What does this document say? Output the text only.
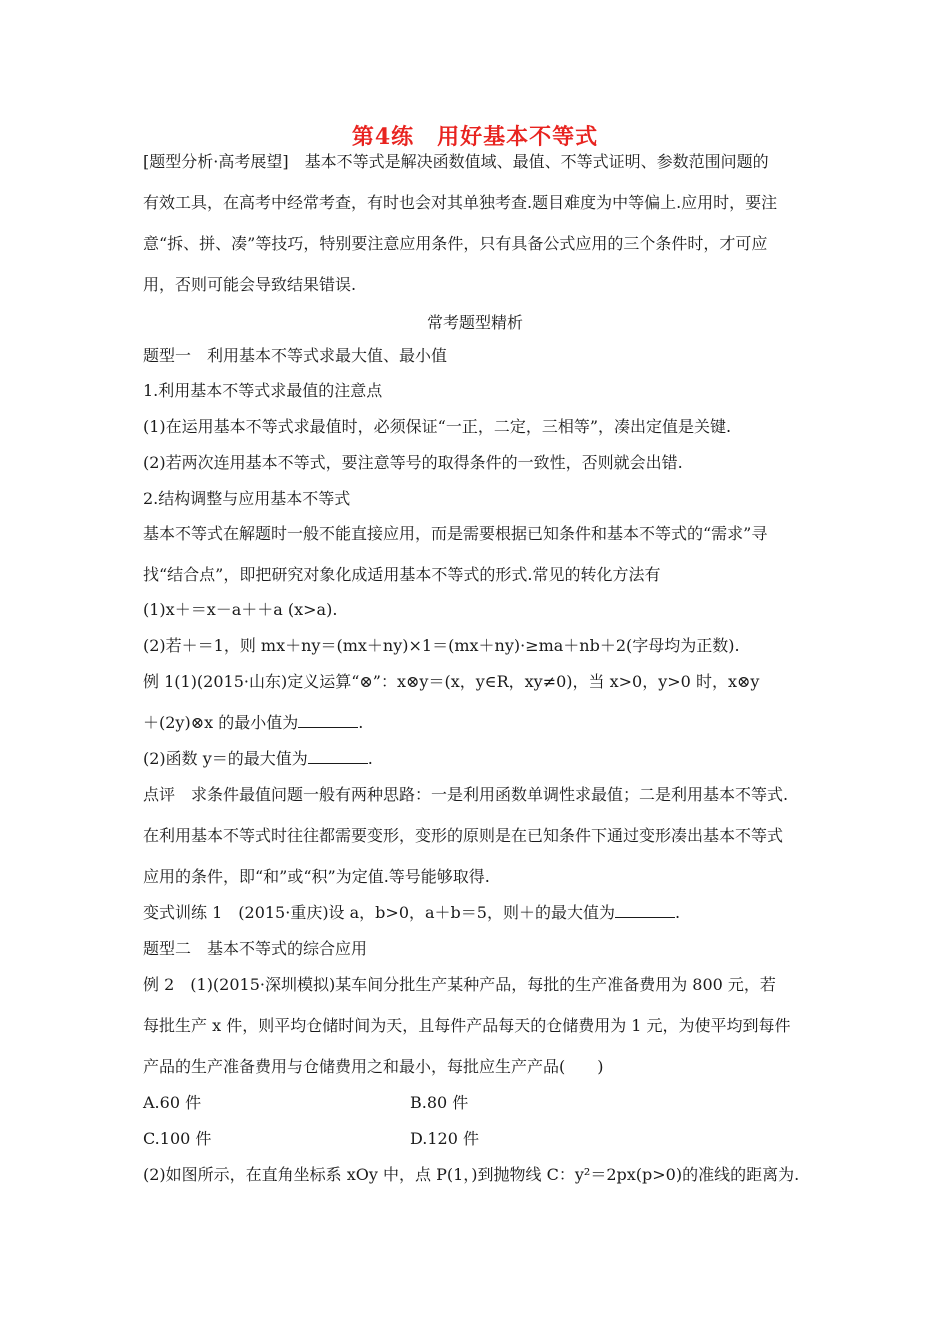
第4练　用好基本不等式
[题型分析·高考展望]　基本不等式是解决函数值域、最值、不等式证明、参数范围问题的
有效工具，在高考中经常考查，有时也会对其单独考查.题目难度为中等偏上.应用时，要注
意“拆、拼、凑”等技巧，特别要注意应用条件，只有具备公式应用的三个条件时，才可应
用，否则可能会导致结果错误.
常考题型精析
题型一　利用基本不等式求最大值、最小值
1.利用基本不等式求最值的注意点
(1)在运用基本不等式求最值时，必须保证“一正，二定，三相等”，凑出定值是关键.
(2)若两次连用基本不等式，要注意等号的取得条件的一致性，否则就会出错.
2.结构调整与应用基本不等式
基本不等式在解题时一般不能直接应用，而是需要根据已知条件和基本不等式的“需求”寻
找“结合点”，即把研究对象化成适用基本不等式的形式.常见的转化方法有
(1)x＋＝x－a＋＋a (x>a).
(2)若＋＝1，则 mx＋ny＝(mx＋ny)×1＝(mx＋ny)·≥ma＋nb＋2(字母均为正数).
例 1(1)(2015·山东)定义运算“⊗”：x⊗y＝(x，y∈R，xy≠0)，当 x>0，y>0 时，x⊗y
＋(2y)⊗x 的最小值为	.
(2)函数 y＝的最大值为	.
点评　求条件最值问题一般有两种思路：一是利用函数单调性求最值；二是利用基本不等式.
在利用基本不等式时往往都需要变形，变形的原则是在已知条件下通过变形凑出基本不等式
应用的条件，即“和”或“积”为定值.等号能够取得.
变式训练 1　(2015·重庆)设 a，b>0，a＋b＝5，则＋的最大值为	.
题型二　基本不等式的综合应用
例 2　(1)(2015·深圳模拟)某车间分批生产某种产品，每批的生产准备费用为 800 元，若
每批生产 x 件，则平均仓储时间为天，且每件产品每天的仓储费用为 1 元，为使平均到每件
产品的生产准备费用与仓储费用之和最小，每批应生产产品(　　)
A.60 件	B.80 件
C.100 件	D.120 件
(2)如图所示，在直角坐标系 xOy 中，点 P(1，)到抛物线 C：y²＝2px(p>0)的准线的距离为.
